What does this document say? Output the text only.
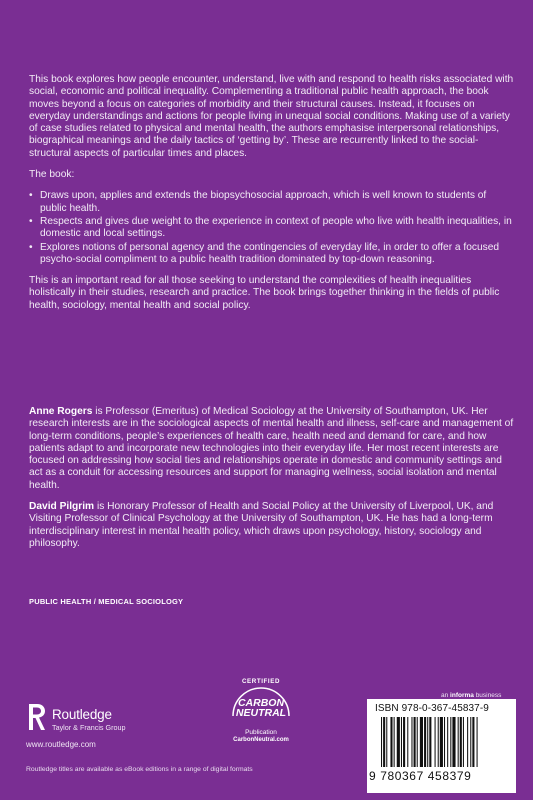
This book explores how people encounter, understand, live with and respond to health risks associated with social, economic and political inequality. Complementing a traditional public health approach, the book moves beyond a focus on categories of morbidity and their structural causes. Instead, it focuses on everyday understandings and actions for people living in unequal social conditions. Making use of a variety of case studies related to physical and mental health, the authors emphasise interpersonal relationships, biographical meanings and the daily tactics of ‘getting by’. These are recurrently linked to the social-structural aspects of particular times and places.

The book:

• Draws upon, applies and extends the biopsychosocial approach, which is well known to students of public health.
• Respects and gives due weight to the experience in context of people who live with health inequalities, in domestic and local settings.
• Explores notions of personal agency and the contingencies of everyday life, in order to offer a focused psycho-social compliment to a public health tradition dominated by top-down reasoning.

This is an important read for all those seeking to understand the complexities of health inequalities holistically in their studies, research and practice. The book brings together thinking in the fields of public health, sociology, mental health and social policy.

Anne Rogers is Professor (Emeritus) of Medical Sociology at the University of Southampton, UK. Her research interests are in the sociological aspects of mental health and illness, self-care and management of long-term conditions, people’s experiences of health care, health need and demand for care, and how patients adapt to and incorporate new technologies into their everyday life. Her most recent interests are focused on addressing how social ties and relationships operate in domestic and community settings and act as a conduit for accessing resources and support for managing wellness, social isolation and mental health.

David Pilgrim is Honorary Professor of Health and Social Policy at the University of Liverpool, UK, and Visiting Professor of Clinical Psychology at the University of Southampton, UK. He has had a long-term interdisciplinary interest in mental health policy, which draws upon psychology, history, sociology and philosophy.

PUBLIC HEALTH / MEDICAL SOCIOLOGY
Routledge
Taylor & Francis Group
www.routledge.com
Routledge titles are available as eBook editions in a range of digital formats
CERTIFIED
CARBON
NEUTRAL
Publication
CarbonNeutral.com
an informa business
ISBN 978-0-367-45837-9
9 780367 458379
